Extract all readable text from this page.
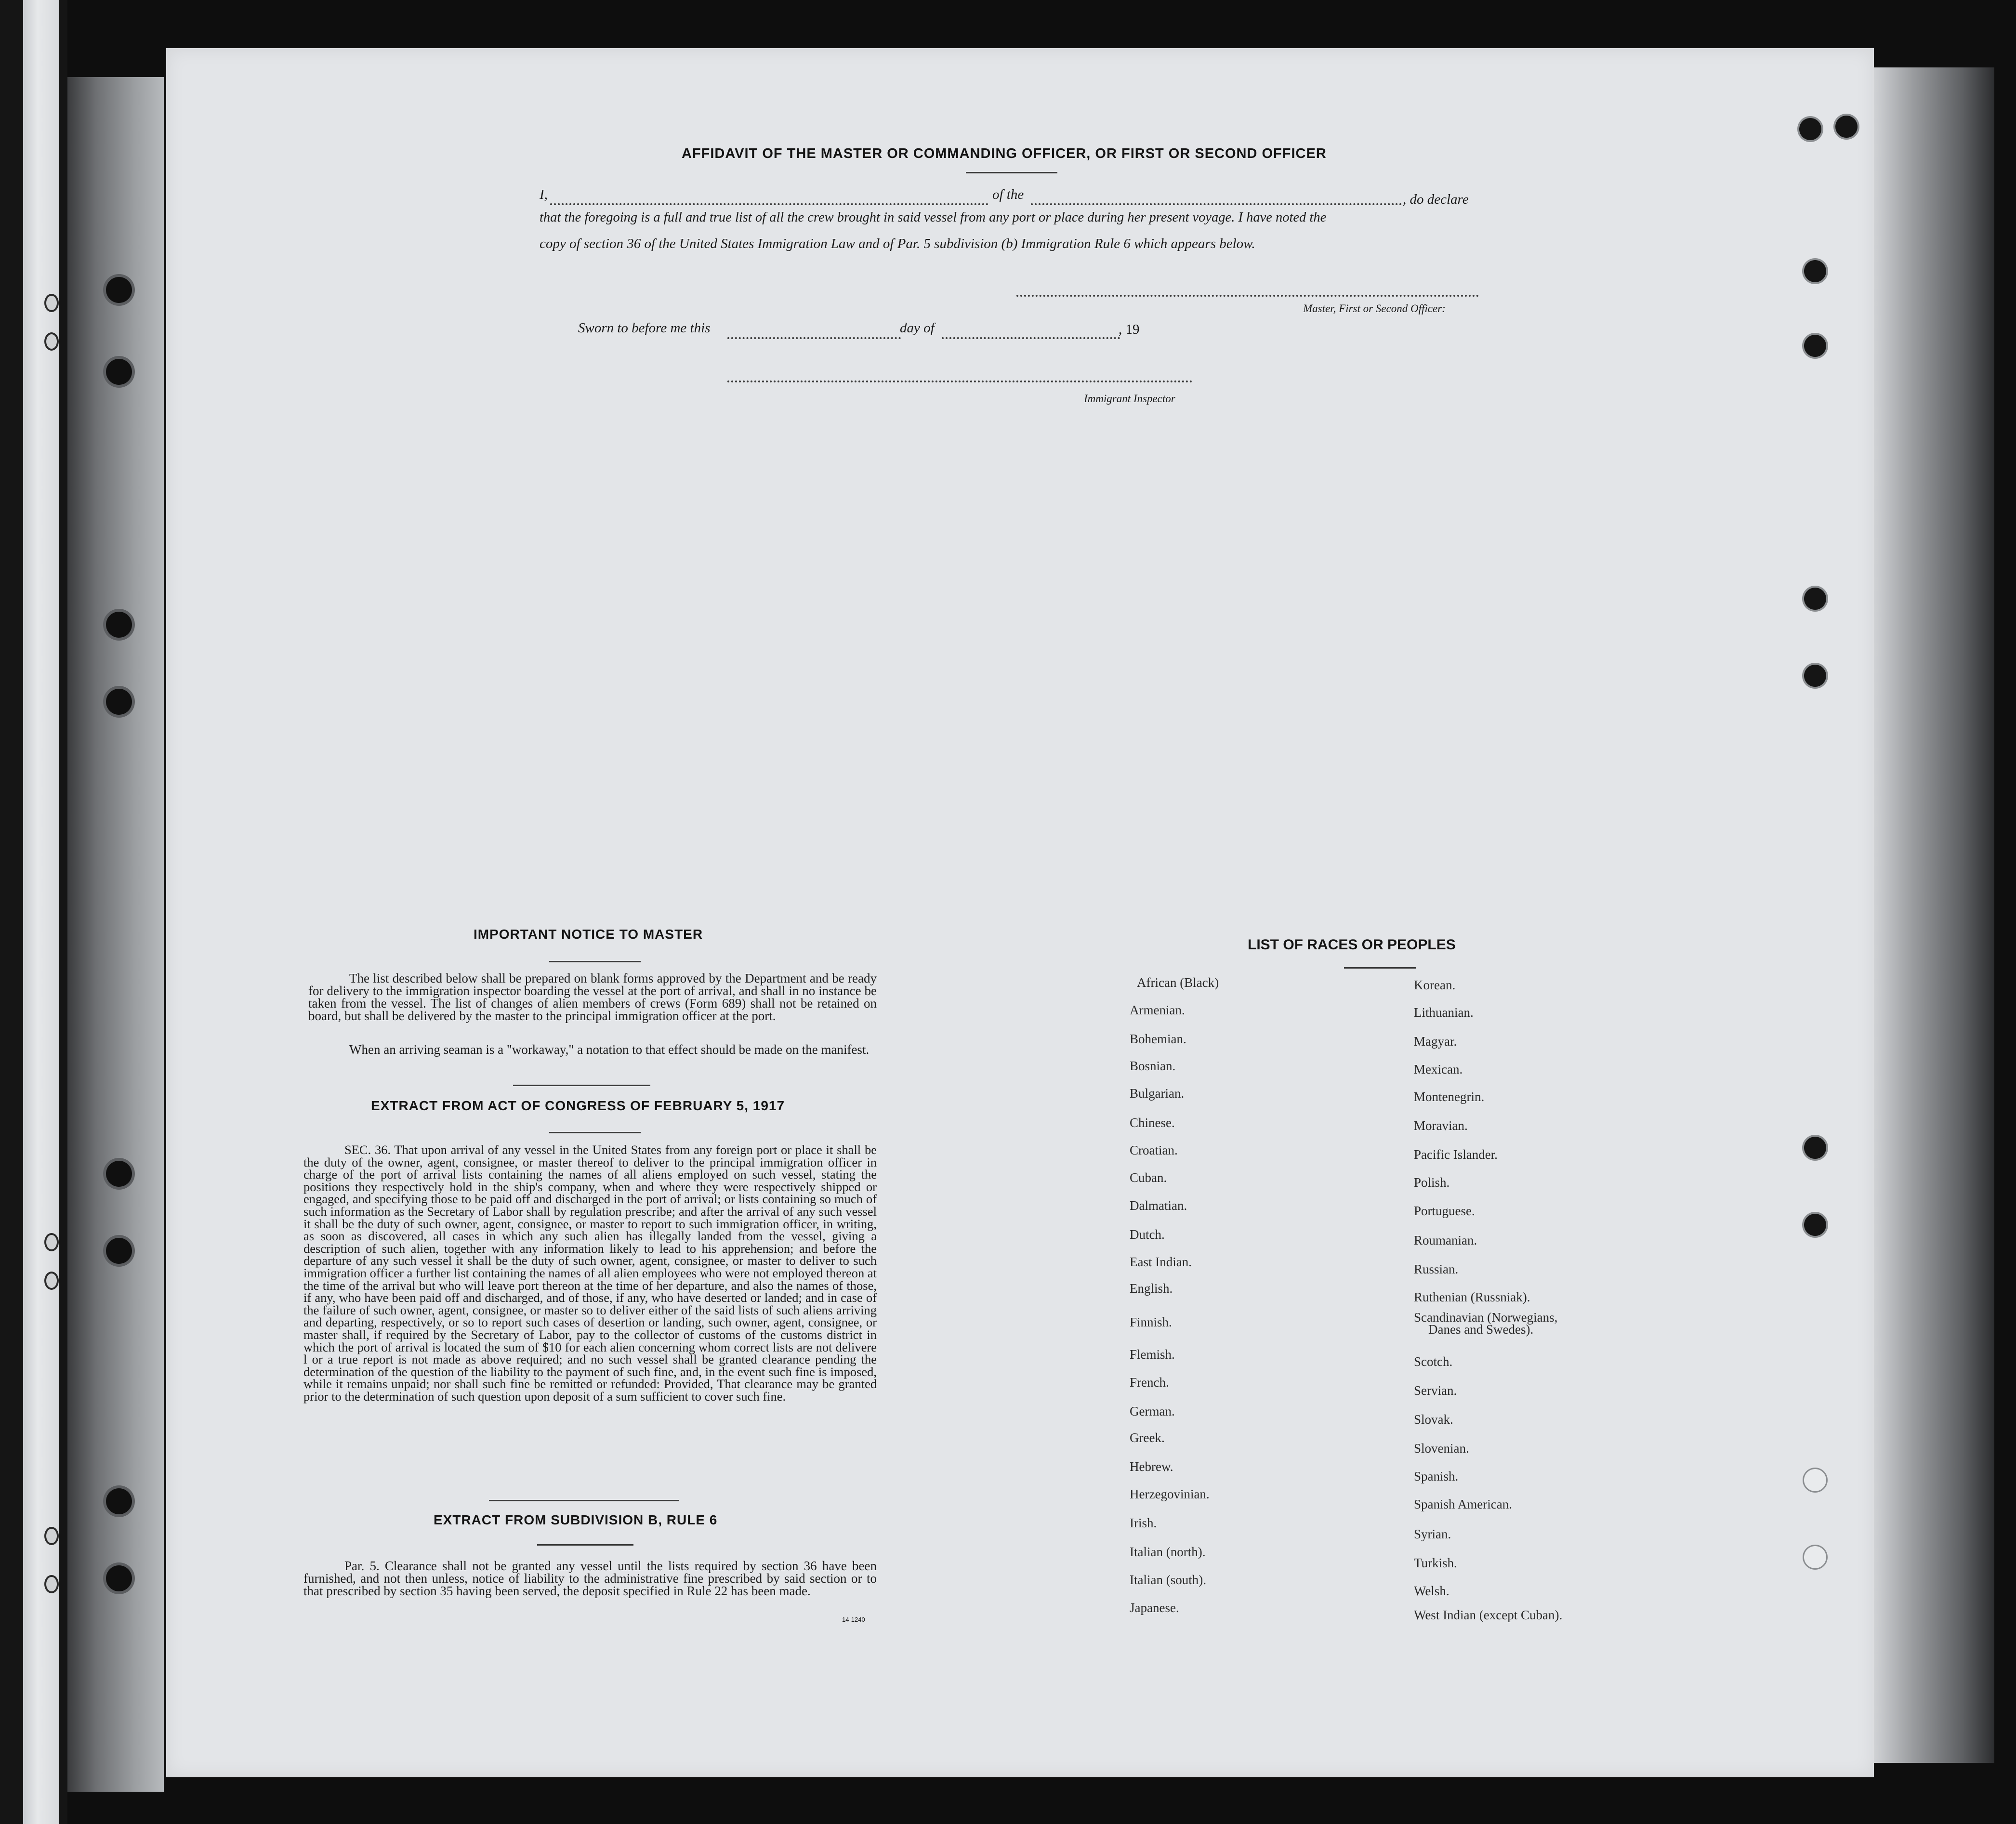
AFFIDAVIT OF THE MASTER OR COMMANDING OFFICER, OR FIRST OR SECOND OFFICER
I,	of the	, do declare
that the foregoing is a full and true list of all the crew brought in said vessel from any port or place during her present voyage. I have noted the
copy of section 36 of the United States Immigration Law and of Par. 5 subdivision (b) Immigration Rule 6 which appears below.
Master, First or Second Officer:
Sworn to before me this	day of	, 19
Immigrant Inspector
IMPORTANT NOTICE TO MASTER
The list described below shall be prepared on blank forms approved by the Department and be ready for delivery to the immigration inspector boarding the vessel at the port of arrival, and shall in no instance be taken from the vessel. The list of changes of alien members of crews (Form 689) shall not be retained on board, but shall be delivered by the master to the principal immigration officer at the port.
When an arriving seaman is a "workaway," a notation to that effect should be made on the manifest.
EXTRACT FROM ACT OF CONGRESS OF FEBRUARY 5, 1917
SEC. 36. That upon arrival of any vessel in the United States from any foreign port or place it shall be the duty of the owner, agent, consignee, or master thereof to deliver to the principal immigration officer in charge of the port of arrival lists containing the names of all aliens employed on such vessel, stating the positions they respectively hold in the ship's company, when and where they were respectively shipped or engaged, and specifying those to be paid off and discharged in the port of arrival; or lists containing so much of such information as the Secretary of Labor shall by regulation prescribe; and after the arrival of any such vessel it shall be the duty of such owner, agent, consignee, or master to report to such immigration officer, in writing, as soon as discovered, all cases in which any such alien has illegally landed from the vessel, giving a description of such alien, together with any information likely to lead to his apprehension; and before the departure of any such vessel it shall be the duty of such owner, agent, consignee, or master to deliver to such immigration officer a further list containing the names of all alien employees who were not employed thereon at the time of the arrival but who will leave port thereon at the time of her departure, and also the names of those, if any, who have been paid off and discharged, and of those, if any, who have deserted or landed; and in case of the failure of such owner, agent, consignee, or master so to deliver either of the said lists of such aliens arriving and departing, respectively, or so to report such cases of desertion or landing, such owner, agent, consignee, or master shall, if required by the Secretary of Labor, pay to the collector of customs of the customs district in which the port of arrival is located the sum of $10 for each alien concerning whom correct lists are not delivere l or a true report is not made as above required; and no such vessel shall be granted clearance pending the determination of the question of the liability to the payment of such fine, and, in the event such fine is imposed, while it remains unpaid; nor shall such fine be remitted or refunded: Provided, That clearance may be granted prior to the determination of such question upon deposit of a sum sufficient to cover such fine.
EXTRACT FROM SUBDIVISION B, RULE 6
Par. 5. Clearance shall not be granted any vessel until the lists required by section 36 have been furnished, and not then unless, notice of liability to the administrative fine prescribed by said section or to that prescribed by section 35 having been served, the deposit specified in Rule 22 has been made.
14-1240
LIST OF RACES OR PEOPLES
African (Black)
Armenian.
Bohemian.
Bosnian.
Bulgarian.
Chinese.
Croatian.
Cuban.
Dalmatian.
Dutch.
East Indian.
English.
Finnish.
Flemish.
French.
German.
Greek.
Hebrew.
Herzegovinian.
Irish.
Italian (north).
Italian (south).
Japanese.
Korean.
Lithuanian.
Magyar.
Mexican.
Montenegrin.
Moravian.
Pacific Islander.
Polish.
Portuguese.
Roumanian.
Russian.
Ruthenian (Russniak).
Scandinavian (Norwegians,
Danes and Swedes).
Scotch.
Servian.
Slovak.
Slovenian.
Spanish.
Spanish American.
Syrian.
Turkish.
Welsh.
West Indian (except Cuban).
